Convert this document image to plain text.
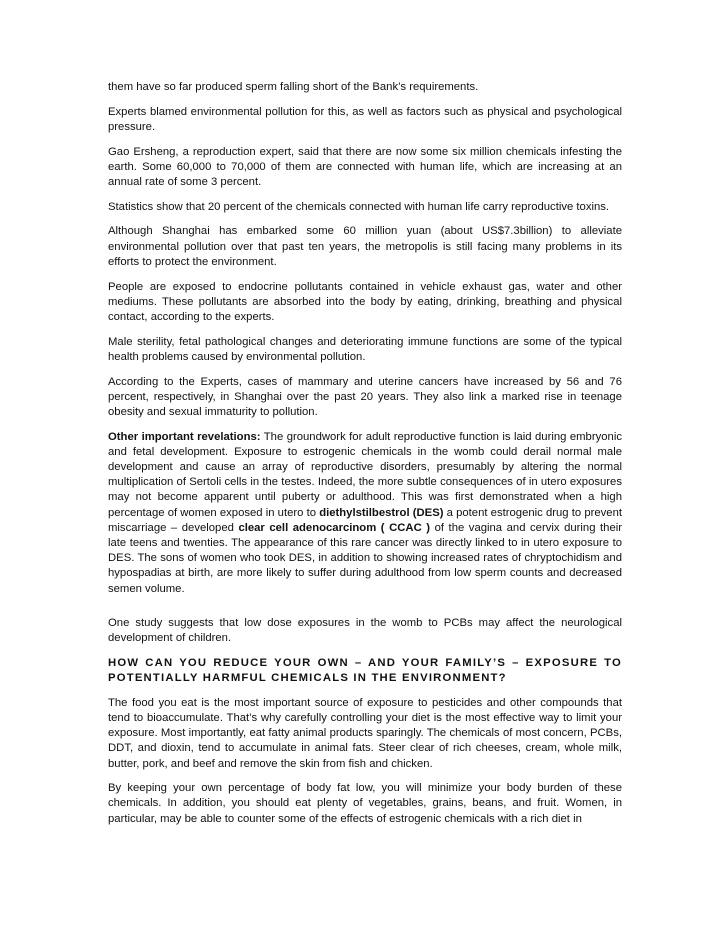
them have so far produced sperm falling short of the Bank’s requirements.

Experts blamed environmental pollution for this, as well as factors such as physical and psychological pressure.

Gao Ersheng, a reproduction expert, said that there are now some six million chemicals infesting the earth. Some 60,000 to 70,000 of them are connected with human life, which are increasing at an annual rate of some 3 percent.

Statistics show that 20 percent of the chemicals connected with human life carry reproductive toxins.

Although Shanghai has embarked some 60 million yuan (about US$7.3billion) to alleviate environmental pollution over that past ten years, the metropolis is still facing many problems in its efforts to protect the environment.

People are exposed to endocrine pollutants contained in vehicle exhaust gas, water and other mediums. These pollutants are absorbed into the body by eating, drinking, breathing and physical contact, according to the experts.

Male sterility, fetal pathological changes and deteriorating immune functions are some of the typical health problems caused by environmental pollution.

According to the Experts, cases of mammary and uterine cancers have increased by 56 and 76 percent, respectively, in Shanghai over the past 20 years. They also link a marked rise in teenage obesity and sexual immaturity to pollution.

Other important revelations: The groundwork for adult reproductive function is laid during embryonic and fetal development. Exposure to estrogenic chemicals in the womb could derail normal male development and cause an array of reproductive disorders, presumably by altering the normal multiplication of Sertoli cells in the testes. Indeed, the more subtle consequences of in utero exposures may not become apparent until puberty or adulthood. This was first demonstrated when a high percentage of women exposed in utero to diethylstilbestrol (DES) a potent estrogenic drug to prevent miscarriage – developed clear cell adenocarcinom ( CCAC ) of the vagina and cervix during their late teens and twenties. The appearance of this rare cancer was directly linked to in utero exposure to DES. The sons of women who took DES, in addition to showing increased rates of chryptochidism and hypospadias at birth, are more likely to suffer during adulthood from low sperm counts and decreased semen volume.

One study suggests that low dose exposures in the womb to PCBs may affect the neurological development of children.

HOW CAN YOU REDUCE YOUR OWN – AND YOUR FAMILY’S – EXPOSURE TO POTENTIALLY HARMFUL CHEMICALS IN THE ENVIRONMENT?

The food you eat is the most important source of exposure to pesticides and other compounds that tend to bioaccumulate. That’s why carefully controlling your diet is the most effective way to limit your exposure. Most importantly, eat fatty animal products sparingly. The chemicals of most concern, PCBs, DDT, and dioxin, tend to accumulate in animal fats. Steer clear of rich cheeses, cream, whole milk, butter, pork, and beef and remove the skin from fish and chicken.

By keeping your own percentage of body fat low, you will minimize your body burden of these chemicals. In addition, you should eat plenty of vegetables, grains, beans, and fruit. Women, in particular, may be able to counter some of the effects of estrogenic chemicals with a rich diet in
